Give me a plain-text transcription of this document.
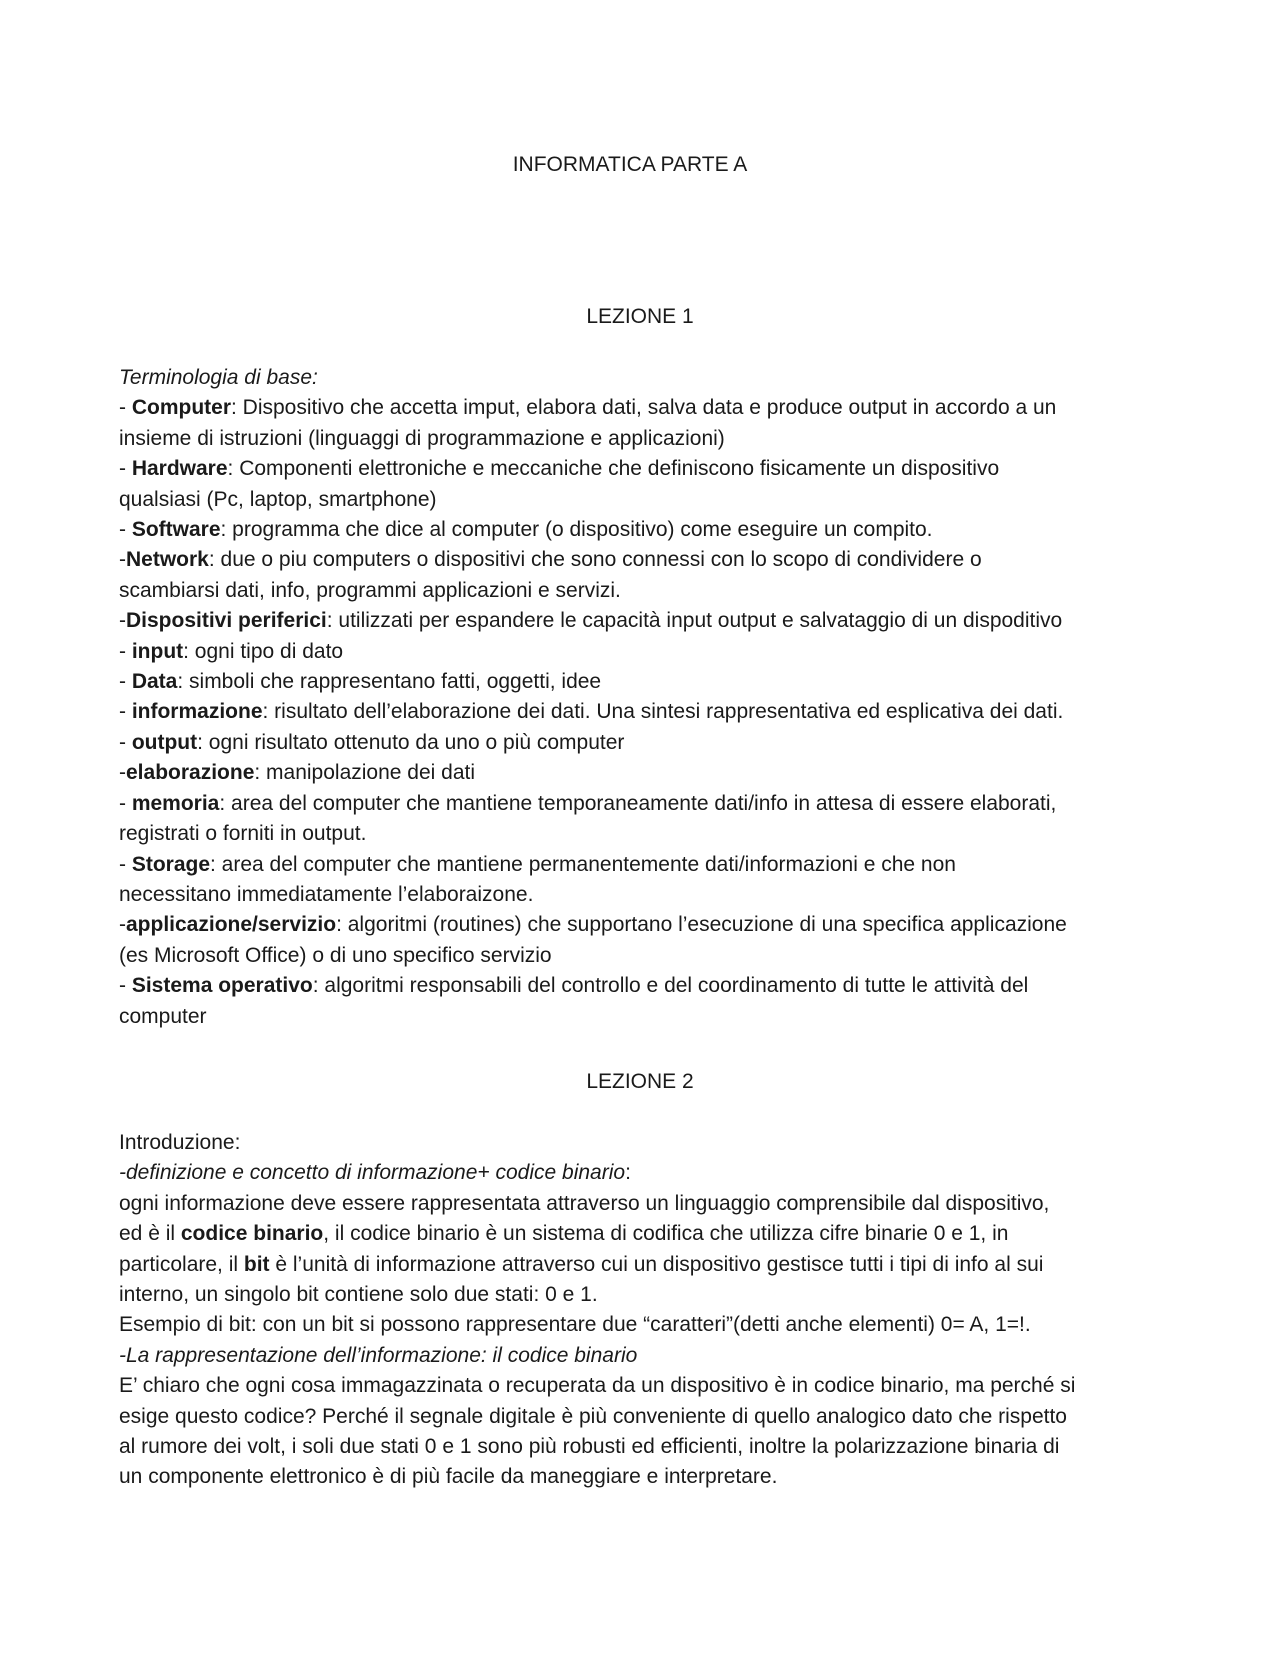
INFORMATICA PARTE A
LEZIONE 1
Terminologia di base:
- Computer: Dispositivo che accetta imput, elabora dati, salva data e produce output in accordo a un
insieme di istruzioni (linguaggi di programmazione e applicazioni)
- Hardware: Componenti elettroniche e meccaniche che definiscono fisicamente un dispositivo
qualsiasi (Pc, laptop, smartphone)
- Software: programma che dice al computer (o dispositivo) come eseguire un compito.
-Network: due o piu computers o dispositivi che sono connessi con lo scopo di condividere o
scambiarsi dati, info, programmi applicazioni e servizi.
-Dispositivi periferici: utilizzati per espandere le capacità input output e salvataggio di un dispoditivo
- input: ogni tipo di dato
- Data: simboli che rappresentano fatti, oggetti, idee
- informazione: risultato dell’elaborazione dei dati. Una sintesi rappresentativa ed esplicativa dei dati.
- output: ogni risultato ottenuto da uno o più computer
-elaborazione: manipolazione dei dati
- memoria: area del computer che mantiene temporaneamente dati/info in attesa di essere elaborati,
registrati o forniti in output.
- Storage: area del computer che mantiene permanentemente dati/informazioni e che non
necessitano immediatamente l’elaboraizone.
-applicazione/servizio: algoritmi (routines) che supportano l’esecuzione di una specifica applicazione
(es Microsoft Office) o di uno specifico servizio
- Sistema operativo: algoritmi responsabili del controllo e del coordinamento di tutte le attività del
computer
LEZIONE 2
Introduzione:
-definizione e concetto di informazione+ codice binario:
ogni informazione deve essere rappresentata attraverso un linguaggio comprensibile dal dispositivo,
ed è il codice binario, il codice binario è un sistema di codifica che utilizza cifre binarie 0 e 1, in
particolare, il bit è l’unità di informazione attraverso cui un dispositivo gestisce tutti i tipi di info al sui
interno, un singolo bit contiene solo due stati: 0 e 1.
Esempio di bit: con un bit si possono rappresentare due “caratteri”(detti anche elementi) 0= A, 1=!.
-La rappresentazione dell’informazione: il codice binario
E’ chiaro che ogni cosa immagazzinata o recuperata da un dispositivo è in codice binario, ma perché si
esige questo codice? Perché il segnale digitale è più conveniente di quello analogico dato che rispetto
al rumore dei volt, i soli due stati 0 e 1 sono più robusti ed efficienti, inoltre la polarizzazione binaria di
un componente elettronico è di più facile da maneggiare e interpretare.
